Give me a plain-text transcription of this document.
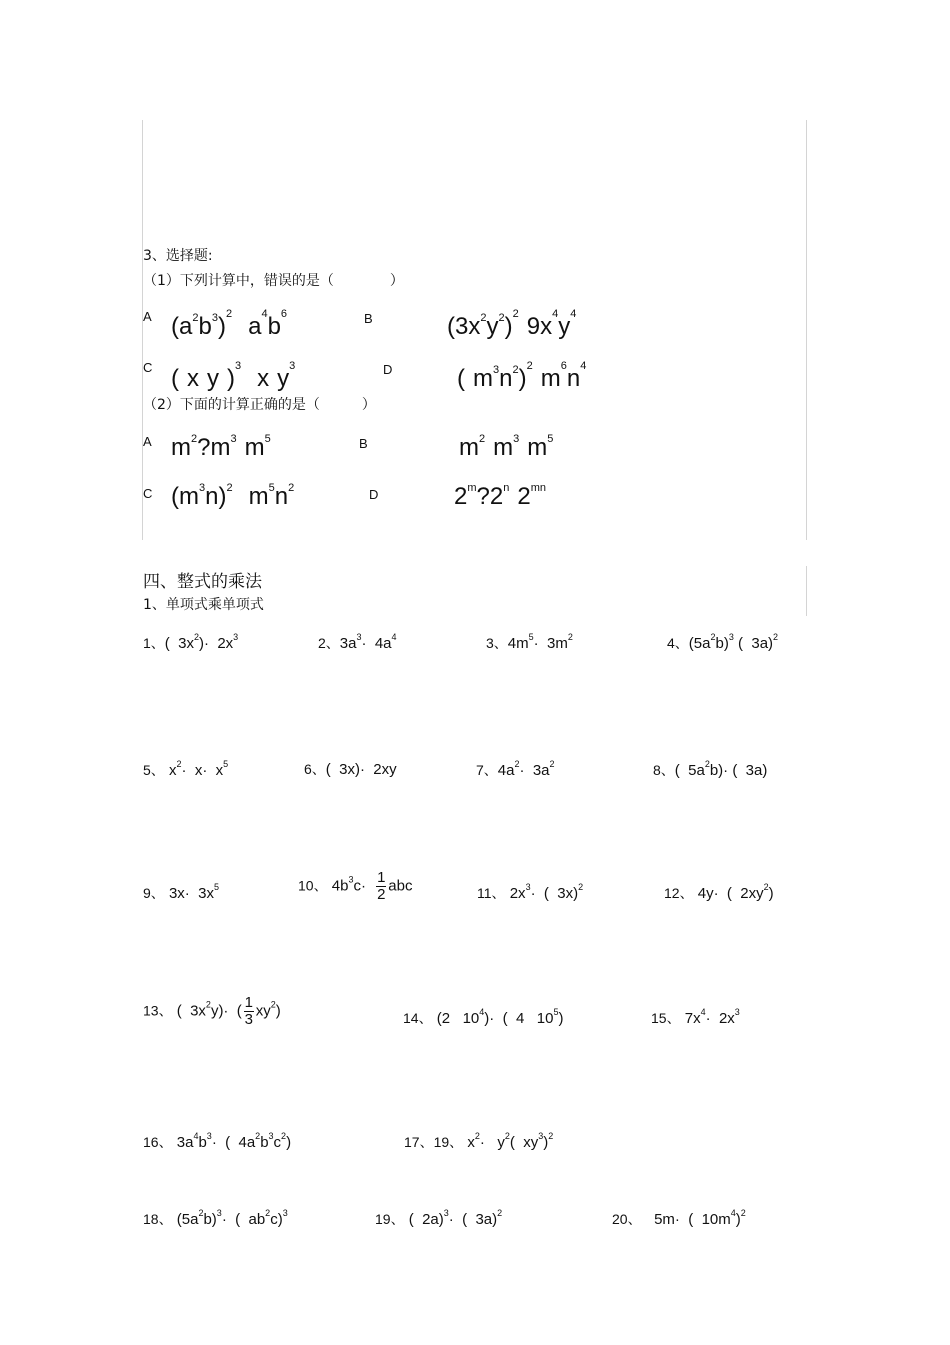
3、选择题:
（1）下列计算中，错误的是（　　　　）
A $(a^2b^3)^2$ $a^4b^6$	B	$(3x^2y^2)^2$ $9x^4y^4$
C ( x y )$^3$ x $y^3$	D	( $m^3n^2)^2$ $m^6n^4$
（2）下面的计算正确的是（　　　）
A $m^2?m^3$ $m^5$	B	$m^2$ $m^3$ $m^5$
C $(m^3n)^2$ $m^5n^2$	D	2$^m$?2$^n$ $2^{mn}$
四、整式的乘法
1、单项式乘单项式
1、(  $3x^2)\cdot 2x^3$	2、$3a^3\cdot 4a^4$	3、$4m^5\cdot 3m^2$	4、$(5a^2b)^3$ (  3a)$^2$
5、 $x^2\cdot x\cdot x^5$	6、(  3x)·  2xy	7、$4a^2\cdot 3a^2$	8、(  $5a^2b)\cdot$ (  3a)
9、 $3x\cdot 3x^5$	10、 $4b^3c\cdot \frac{1}{2}$ abc	11、 $2x^3\cdot$  (  3x)$^2$	12、 4y·  (  $2xy^2$)
13、 (  $3x^2y)\cdot$  ( $\frac{1}{3} xy^2$)	14、 (2   $10^4)\cdot$  (  4   $10^5$)	15、 $7x^4\cdot 2x^3$
16、 $3a^4b^3\cdot$  (  $4a^2b^3c^2$)	17、19、 $x^2\cdot y^2$(  $xy^3)^2$
18、 $(5a^2b)^3\cdot$  (  $ab^2c)^3$	19、 (  2a)$^3$·  (  3a)$^2$	20、   5m·  (  $10m^4)^2$
